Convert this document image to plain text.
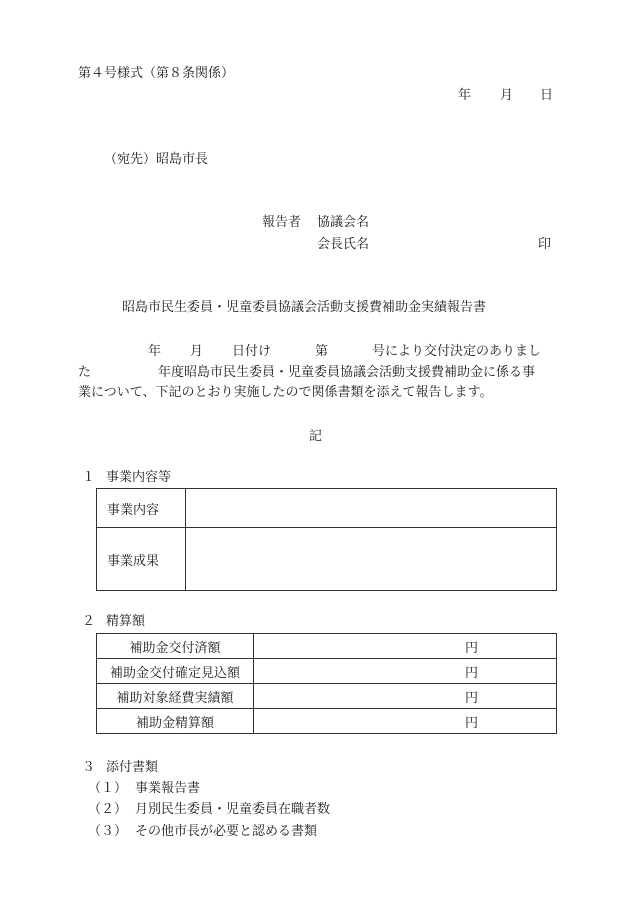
第４号様式（第８条関係）
年 月 日
（宛先）昭島市長
報告者 協議会名
会長氏名	印
昭島市民生委員・児童委員協議会活動支援費補助金実績報告書
年 月 日付け	第	号により交付決定のありまし
た	年度昭島市民生委員・児童委員協議会活動支援費補助金に係る事
業について、下記のとおり実施したので関係書類を添えて報告します。
記
１ 事業内容等
事業内容	
事業成果	
２ 精算額
補助金交付済額	円
補助金交付確定見込額	円
補助対象経費実績額	円
補助金精算額	円
３ 添付書類
（１） 事業報告書
（２） 月別民生委員・児童委員在職者数
（３） その他市長が必要と認める書類
